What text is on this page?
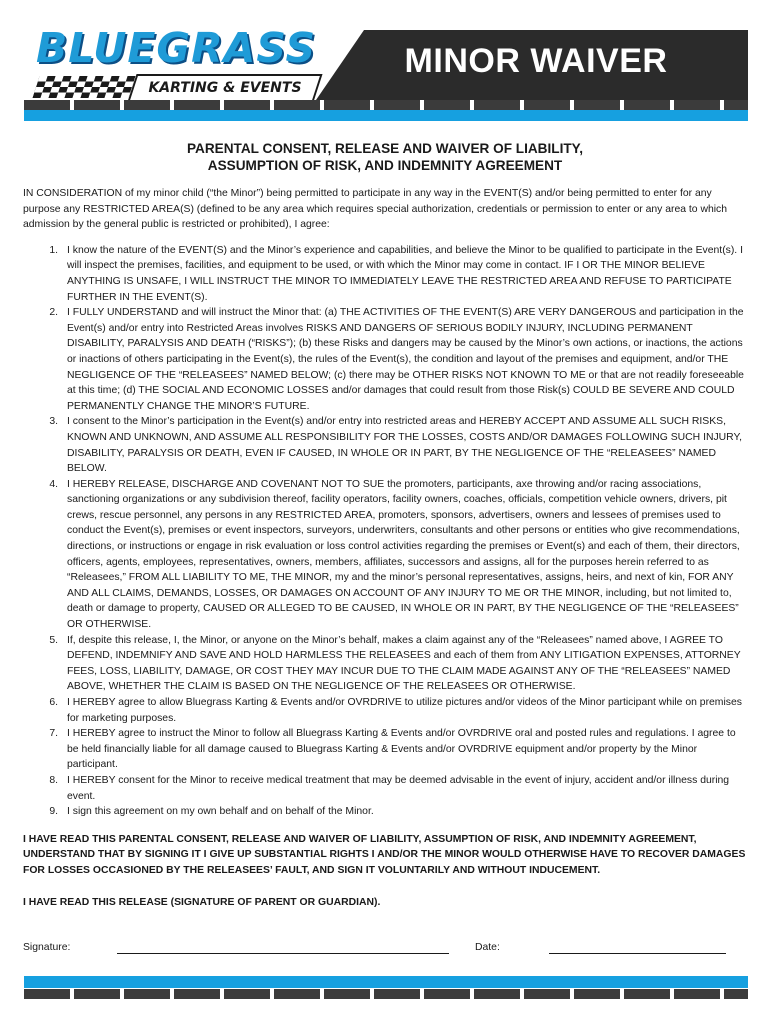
BLUEGRASS
KARTING & EVENTS
MINOR WAIVER
PARENTAL CONSENT, RELEASE AND WAIVER OF LIABILITY,
ASSUMPTION OF RISK, AND INDEMNITY AGREEMENT

IN CONSIDERATION of my minor child (“the Minor”) being permitted to participate in any way in the EVENT(S) and/or being permitted to enter for any purpose any RESTRICTED AREA(S) (defined to be any area which requires special authorization, credentials or permission to enter or any area to which admission by the general public is restricted or prohibited), I agree:

1. I know the nature of the EVENT(S) and the Minor’s experience and capabilities, and believe the Minor to be qualified to participate in the Event(s). I will inspect the premises, facilities, and equipment to be used, or with which the Minor may come in contact. IF I OR THE MINOR BELIEVE ANYTHING IS UNSAFE, I WILL INSTRUCT THE MINOR TO IMMEDIATELY LEAVE THE RESTRICTED AREA AND REFUSE TO PARTICIPATE FURTHER IN THE EVENT(S).
2. I FULLY UNDERSTAND and will instruct the Minor that: (a) THE ACTIVITIES OF THE EVENT(S) ARE VERY DANGEROUS and participation in the Event(s) and/or entry into Restricted Areas involves RISKS AND DANGERS OF SERIOUS BODILY INJURY, INCLUDING PERMANENT DISABILITY, PARALYSIS AND DEATH (“RISKS”); (b) these Risks and dangers may be caused by the Minor’s own actions, or inactions, the actions or inactions of others participating in the Event(s), the rules of the Event(s), the condition and layout of the premises and equipment, and/or THE NEGLIGENCE OF THE “RELEASEES” NAMED BELOW; (c) there may be OTHER RISKS NOT KNOWN TO ME or that are not readily foreseeable at this time; (d) THE SOCIAL AND ECONOMIC LOSSES and/or damages that could result from those Risk(s) COULD BE SEVERE AND COULD PERMANENTLY CHANGE THE MINOR’S FUTURE.
3. I consent to the Minor’s participation in the Event(s) and/or entry into restricted areas and HEREBY ACCEPT AND ASSUME ALL SUCH RISKS, KNOWN AND UNKNOWN, AND ASSUME ALL RESPONSIBILITY FOR THE LOSSES, COSTS AND/OR DAMAGES FOLLOWING SUCH INJURY, DISABILITY, PARALYSIS OR DEATH, EVEN IF CAUSED, IN WHOLE OR IN PART, BY THE NEGLIGENCE OF THE “RELEASEES” NAMED BELOW.
4. I HEREBY RELEASE, DISCHARGE AND COVENANT NOT TO SUE the promoters, participants, axe throwing and/or racing associations, sanctioning organizations or any subdivision thereof, facility operators, facility owners, coaches, officials, competition vehicle owners, drivers, pit crews, rescue personnel, any persons in any RESTRICTED AREA, promoters, sponsors, advertisers, owners and lessees of premises used to conduct the Event(s), premises or event inspectors, surveyors, underwriters, consultants and other persons or entities who give recommendations, directions, or instructions or engage in risk evaluation or loss control activities regarding the premises or Event(s) and each of them, their directors, officers, agents, employees, representatives, owners, members, affiliates, successors and assigns, all for the purposes herein referred to as “Releasees,” FROM ALL LIABILITY TO ME, THE MINOR, my and the minor’s personal representatives, assigns, heirs, and next of kin, FOR ANY AND ALL CLAIMS, DEMANDS, LOSSES, OR DAMAGES ON ACCOUNT OF ANY INJURY TO ME OR THE MINOR, including, but not limited to, death or damage to property, CAUSED OR ALLEGED TO BE CAUSED, IN WHOLE OR IN PART, BY THE NEGLIGENCE OF THE “RELEASEES” OR OTHERWISE.
5. If, despite this release, I, the Minor, or anyone on the Minor’s behalf, makes a claim against any of the “Releasees” named above, I AGREE TO DEFEND, INDEMNIFY AND SAVE AND HOLD HARMLESS THE RELEASEES and each of them from ANY LITIGATION EXPENSES, ATTORNEY FEES, LOSS, LIABILITY, DAMAGE, OR COST THEY MAY INCUR DUE TO THE CLAIM MADE AGAINST ANY OF THE “RELEASEES” NAMED ABOVE, WHETHER THE CLAIM IS BASED ON THE NEGLIGENCE OF THE RELEASEES OR OTHERWISE.
6. I HEREBY agree to allow Bluegrass Karting & Events and/or OVRDRIVE to utilize pictures and/or videos of the Minor participant while on premises for marketing purposes.
7. I HEREBY agree to instruct the Minor to follow all Bluegrass Karting & Events and/or OVRDRIVE oral and posted rules and regulations. I agree to be held financially liable for all damage caused to Bluegrass Karting & Events and/or OVRDRIVE equipment and/or property by the Minor participant.
8. I HEREBY consent for the Minor to receive medical treatment that may be deemed advisable in the event of injury, accident and/or illness during event.
9. I sign this agreement on my own behalf and on behalf of the Minor.

I HAVE READ THIS PARENTAL CONSENT, RELEASE AND WAIVER OF LIABILITY, ASSUMPTION OF RISK, AND INDEMNITY AGREEMENT, UNDERSTAND THAT BY SIGNING IT I GIVE UP SUBSTANTIAL RIGHTS I AND/OR THE MINOR WOULD OTHERWISE HAVE TO RECOVER DAMAGES FOR LOSSES OCCASIONED BY THE RELEASEES’ FAULT, AND SIGN IT VOLUNTARILY AND WITHOUT INDUCEMENT.

I HAVE READ THIS RELEASE (SIGNATURE OF PARENT OR GUARDIAN).

Signature:	Date:
